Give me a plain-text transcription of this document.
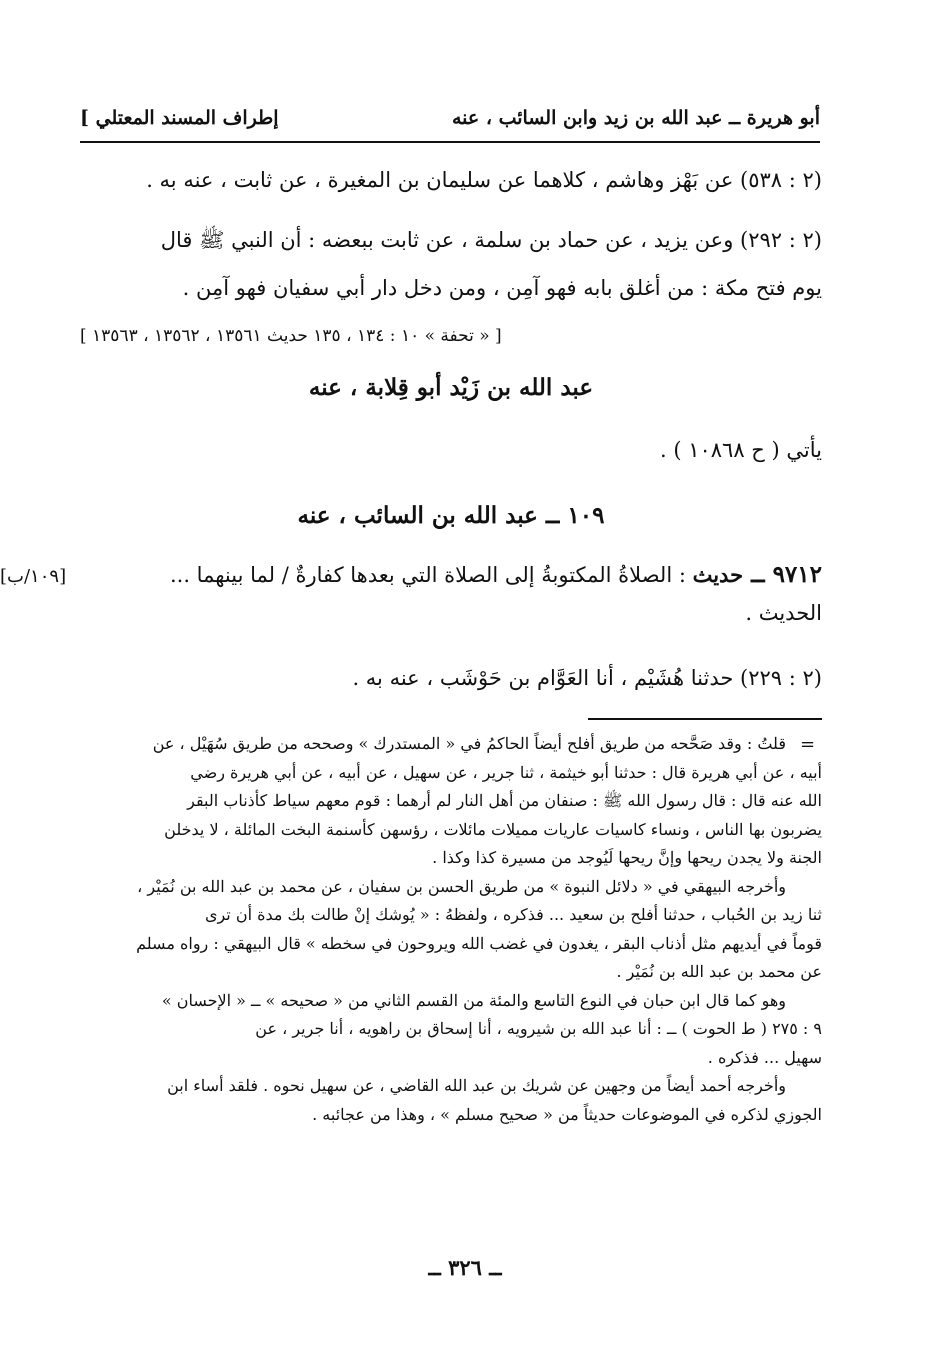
أبو هريرة ــ عبد الله بن زيد وابن السائب ، عنه
[ إطراف المسند المعتلي
(٢ : ٥٣٨) عن بَهْز وهاشم ، كلاهما عن سليمان بن المغيرة ، عن ثابت ، عنه به .
(٢ : ٢٩٢) وعن يزيد ، عن حماد بن سلمة ، عن ثابت ببعضه : أن النبي ﷺ قال
يوم فتح مكة : من أغلق بابه فهو آمِن ، ومن دخل دار أبي سفيان فهو آمِن .
[ « تحفة » ١٠ : ١٣٤ ، ١٣٥ حديث ١٣٥٦١ ، ١٣٥٦٢ ، ١٣٥٦٣ ]
عبد الله بن زَيْد أبو قِلابة ، عنه
يأتي ( ح ١٠٨٦٨ ) .
١٠٩ ــ عبد الله بن السائب ، عنه
[١٠٩/ب]	٩٧١٢ ــ حديث : الصلاةُ المكتوبةُ إلى الصلاة التي بعدها كفارةٌ / لما بينهما ...
الحديث .
(٢ : ٢٢٩) حدثنا هُشَيْم ، أنا العَوَّام بن حَوْشَب ، عنه به .
=

قلتُ : وقد صَحَّحه من طريق أفلح أيضاً الحاكمُ في « المستدرك » وصححه من طريق سُهَيْل ، عن

أبيه ، عن أبي هريرة قال : حدثنا أبو خيثمة ، ثنا جرير ، عن سهيل ، عن أبيه ، عن أبي هريرة رضي

الله عنه قال : قال رسول الله ﷺ : صنفان من أهل النار لم أرهما : قوم معهم سياط كأذناب البقر

يضربون بها الناس ، ونساء كاسيات عاريات مميلات مائلات ، رؤسهن كأسنمة البخت المائلة ، لا يدخلن

الجنة ولا يجدن ريحها وإنَّ ريحها لَيُوجد من مسيرة كذا وكذا .

وأخرجه البيهقي في « دلائل النبوة » من طريق الحسن بن سفيان ، عن محمد بن عبد الله بن نُمَيْر ،

ثنا زيد بن الحُباب ، حدثنا أفلح بن سعيد ... فذكره ، ولفظهُ : « يُوشك إنْ طالت بك مدة أن ترى

قوماً في أيديهم مثل أذناب البقر ، يغدون في غضب الله ويروحون في سخطه » قال البيهقي : رواه مسلم

عن محمد بن عبد الله بن نُمَيْر .

وهو كما قال ابن حبان في النوع التاسع والمئة من القسم الثاني من « صحيحه » ــ « الإحسان »

٩ : ٢٧٥ ( ط الحوت ) ــ : أنا عبد الله بن شيرويه ، أنا إسحاق بن راهويه ، أنا جرير ، عن

سهيل ... فذكره .

وأخرجه أحمد أيضاً من وجهين عن شريك بن عبد الله القاضي ، عن سهيل نحوه . فلقد أساء ابن

الجوزي لذكره في الموضوعات حديثاً من « صحيح مسلم » ، وهذا من عجائبه .

ــ ٣٢٦ ــ
